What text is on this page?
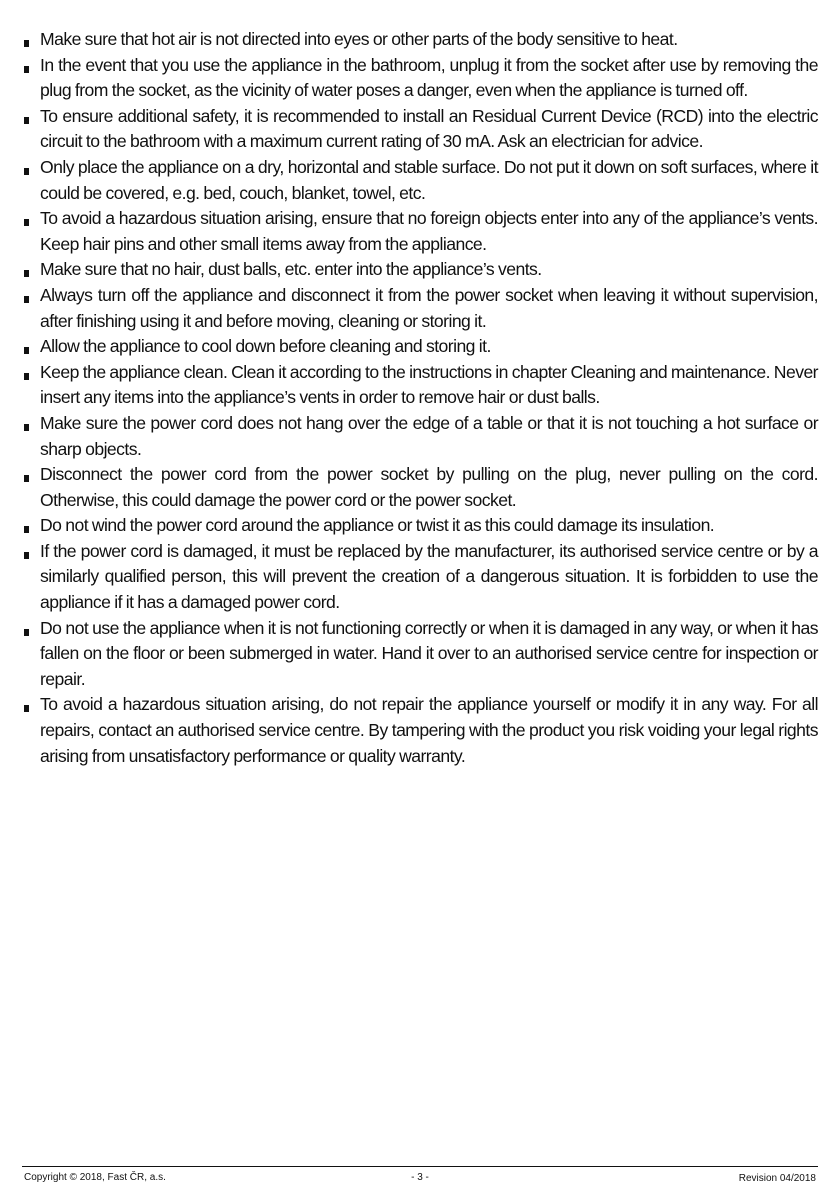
Make sure that hot air is not directed into eyes or other parts of the body sensitive to heat.
In the event that you use the appliance in the bathroom, unplug it from the socket after use by removing the plug from the socket, as the vicinity of water poses a danger, even when the appliance is turned off.
To ensure additional safety, it is recommended to install an Residual Current Device (RCD) into the electric circuit to the bathroom with a maximum current rating of 30 mA. Ask an electrician for advice.
Only place the appliance on a dry, horizontal and stable surface. Do not put it down on soft surfaces, where it could be covered, e.g. bed, couch, blanket, towel, etc.
To avoid a hazardous situation arising, ensure that no foreign objects enter into any of the appliance’s vents. Keep hair pins and other small items away from the appliance.
Make sure that no hair, dust balls, etc. enter into the appliance’s vents.
Always turn off the appliance and disconnect it from the power socket when leaving it without supervision, after finishing using it and before moving, cleaning or storing it.
Allow the appliance to cool down before cleaning and storing it.
Keep the appliance clean. Clean it according to the instructions in chapter Cleaning and maintenance. Never insert any items into the appliance’s vents in order to remove hair or dust balls.
Make sure the power cord does not hang over the edge of a table or that it is not touching a hot surface or sharp objects.
Disconnect the power cord from the power socket by pulling on the plug, never pulling on the cord. Otherwise, this could damage the power cord or the power socket.
Do not wind the power cord around the appliance or twist it as this could damage its insulation.
If the power cord is damaged, it must be replaced by the manufacturer, its authorised service centre or by a similarly qualified person, this will prevent the creation of a dangerous situation. It is forbidden to use the appliance if it has a damaged power cord.
Do not use the appliance when it is not functioning correctly or when it is damaged in any way, or when it has fallen on the floor or been submerged in water. Hand it over to an authorised service centre for inspection or repair.
To avoid a hazardous situation arising, do not repair the appliance yourself or modify it in any way. For all repairs, contact an authorised service centre. By tampering with the product you risk voiding your legal rights arising from unsatisfactory performance or quality warranty.
Copyright © 2018, Fast ČR, a.s.	- 3 -	Revision 04/2018
